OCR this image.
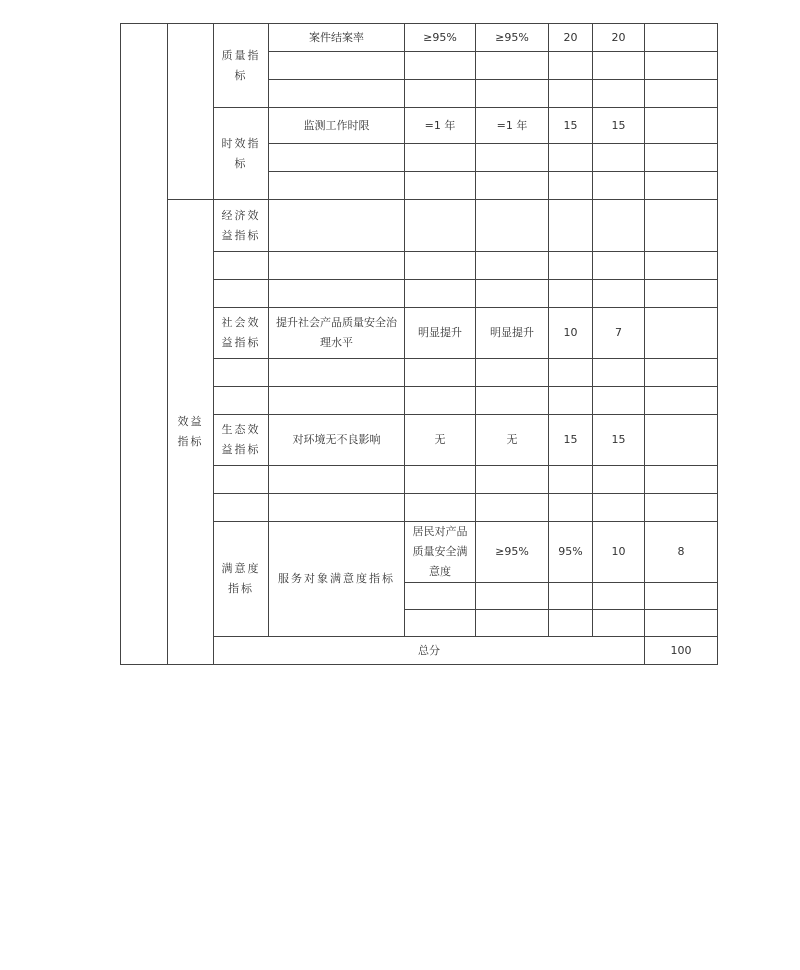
		质量指标	案件结案率	≥95%	≥95%	20	20		

		时效指标	监测工作时限	=1 年	=1 年	15	15		

	效益指标	经济效益指标							

		社会效益指标	提升社会产品质量安全治理水平	明显提升	明显提升	10	7		

		生态效益指标	对环境无不良影响	无	无	15	15		

		满意度指标	服务对象满意度指标	居民对产品质量安全满意度	≥95%	95%	10	8	

		总分						100		
